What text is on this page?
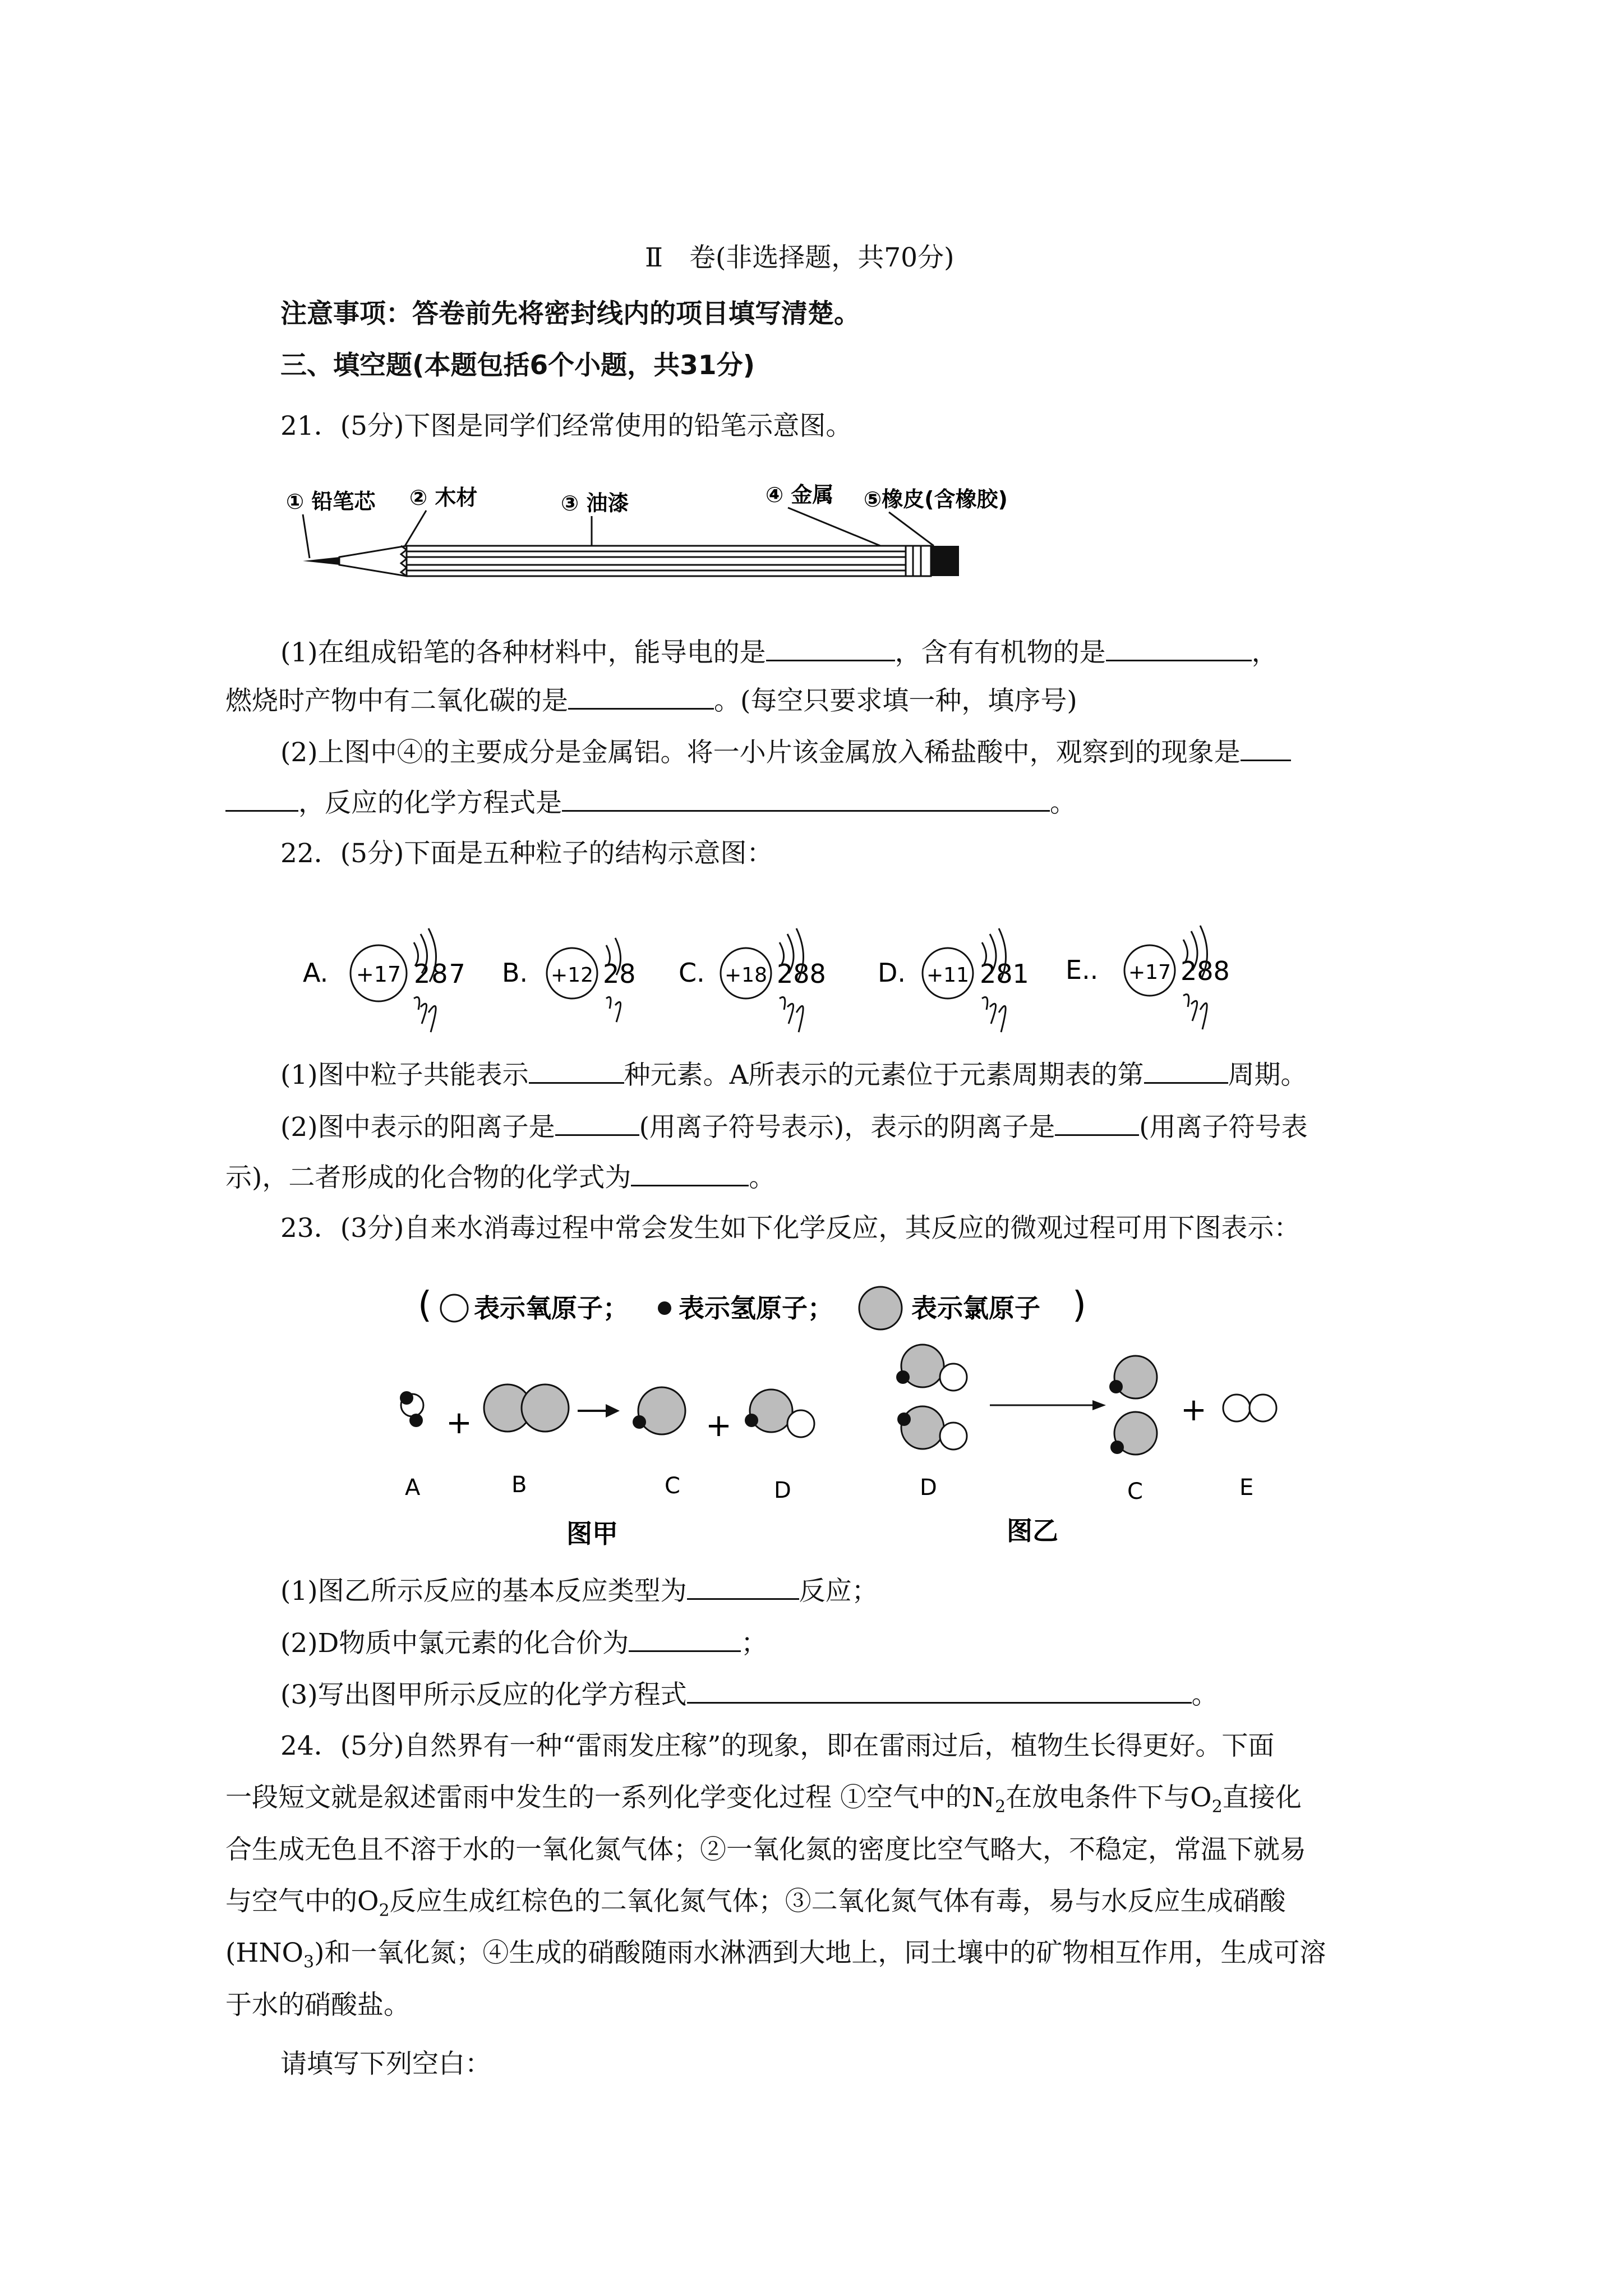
Ⅱ　卷(非选择题，共70分)
注意事项：答卷前先将密封线内的项目填写清楚。
三、填空题(本题包括6个小题，共31分)
21．(5分)下图是同学们经常使用的铅笔示意图。
① 铅笔芯 ② 木材	③ 油漆	④ 金属 ⑤橡皮(含橡胶)
(1)在组成铅笔的各种材料中，能导电的是	，含有有机物的是	，
燃烧时产物中有二氧化碳的是	。(每空只要求填一种，填序号)
(2)上图中④的主要成分是金属铝。将一小片该金属放入稀盐酸中，观察到的现象是
，反应的化学方程式是	。
22．(5分)下面是五种粒子的结构示意图：
A. +17 287 B. +12 28 C. +18 288 D. +11 281 E.. +17 288
(1)图中粒子共能表示	种元素。A所表示的元素位于元素周期表的第	周期。
(2)图中表示的阳离子是	(用离子符号表示)，表示的阴离子是	(用离子符号表
示)，二者形成的化合物的化学式为	。
23．(3分)自来水消毒过程中常会发生如下化学反应，其反应的微观过程可用下图表示：
( 表示氧原子； 表示氢原子；	表示氯原子 )
+	+
A	B	C	D
图甲
+
D	C	E
图乙
(1)图乙所示反应的基本反应类型为	反应；
(2)D物质中氯元素的化合价为	；
(3)写出图甲所示反应的化学方程式	。
24．(5分)自然界有一种“雷雨发庄稼”的现象，即在雷雨过后，植物生长得更好。下面
一段短文就是叙述雷雨中发生的一系列化学变化过程 ①空气中的$N_2$在放电条件下与$O_2$直接化
合生成无色且不溶于水的一氧化氮气体；②一氧化氮的密度比空气略大，不稳定，常温下就易
与空气中的$O_2$反应生成红棕色的二氧化氮气体；③二氧化氮气体有毒，易与水反应生成硝酸
$(HNO_3)$和一氧化氮；④生成的硝酸随雨水淋洒到大地上，同土壤中的矿物相互作用，生成可溶
于水的硝酸盐。
请填写下列空白：
